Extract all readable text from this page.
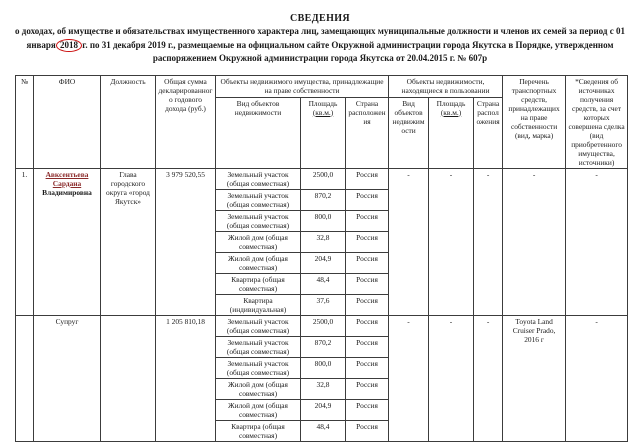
СВЕДЕНИЯ
о доходах, об имуществе и обязательствах имущественного характера лиц, замещающих муниципальные должности и членов их семей за период с 01 января 2018 г. по 31 декабря 2019 г., размещаемые на официальном сайте Окружной администрации города Якутска в Порядке, утвержденном распоряжением Окружной администрации города Якутска от 20.04.2015 г. № 607р
№	ФИО	Должность	Общая сумма декларированного годового дохода (руб.)	Объекты недвижимого имущества, принадлежащие на праве собственности			Объекты недвижимости, находящиеся в пользовании			Перечень транспортных средств, принадлежащих на праве собственности (вид, марка)	*Сведения об источниках получения средств, за счет которых совершена сделка (вид приобретенного имущества, источники)
				Вид объектов недвижимости	Площадь
(кв.м.)	Страна расположения	Вид объектов недвижимости	Площадь
(кв.м.)	Страна расположения		
1.	Авксентьева Сардана
Владимировна	Глава городского округа «город Якутск»	3 979 520,55	Земельный участок (общая совместная)	2500,0	Россия	-	-	-	-	-
				Земельный участок (общая совместная)	870,2	Россия					
				Земельный участок (общая совместная)	800,0	Россия					
				Жилой дом (общая совместная)	32,8	Россия					
				Жилой дом (общая совместная)	204,9	Россия					
				Квартира (общая совместная)	48,4	Россия					
				Квартира (индивидуальная)	37,6	Россия					

	Супруг		1 205 810,18	Земельный участок (общая совместная)	2500,0	Россия	-	-	-	Toyota Land Cruiser Prado, 2016 г	-
				Земельный участок (общая совместная)	870,2	Россия					
				Земельный участок (общая совместная)	800,0	Россия					
				Жилой дом (общая совместная)	32,8	Россия					
				Жилой дом (общая совместная)	204,9	Россия					
				Квартира (общая совместная)	48,4	Россия					
